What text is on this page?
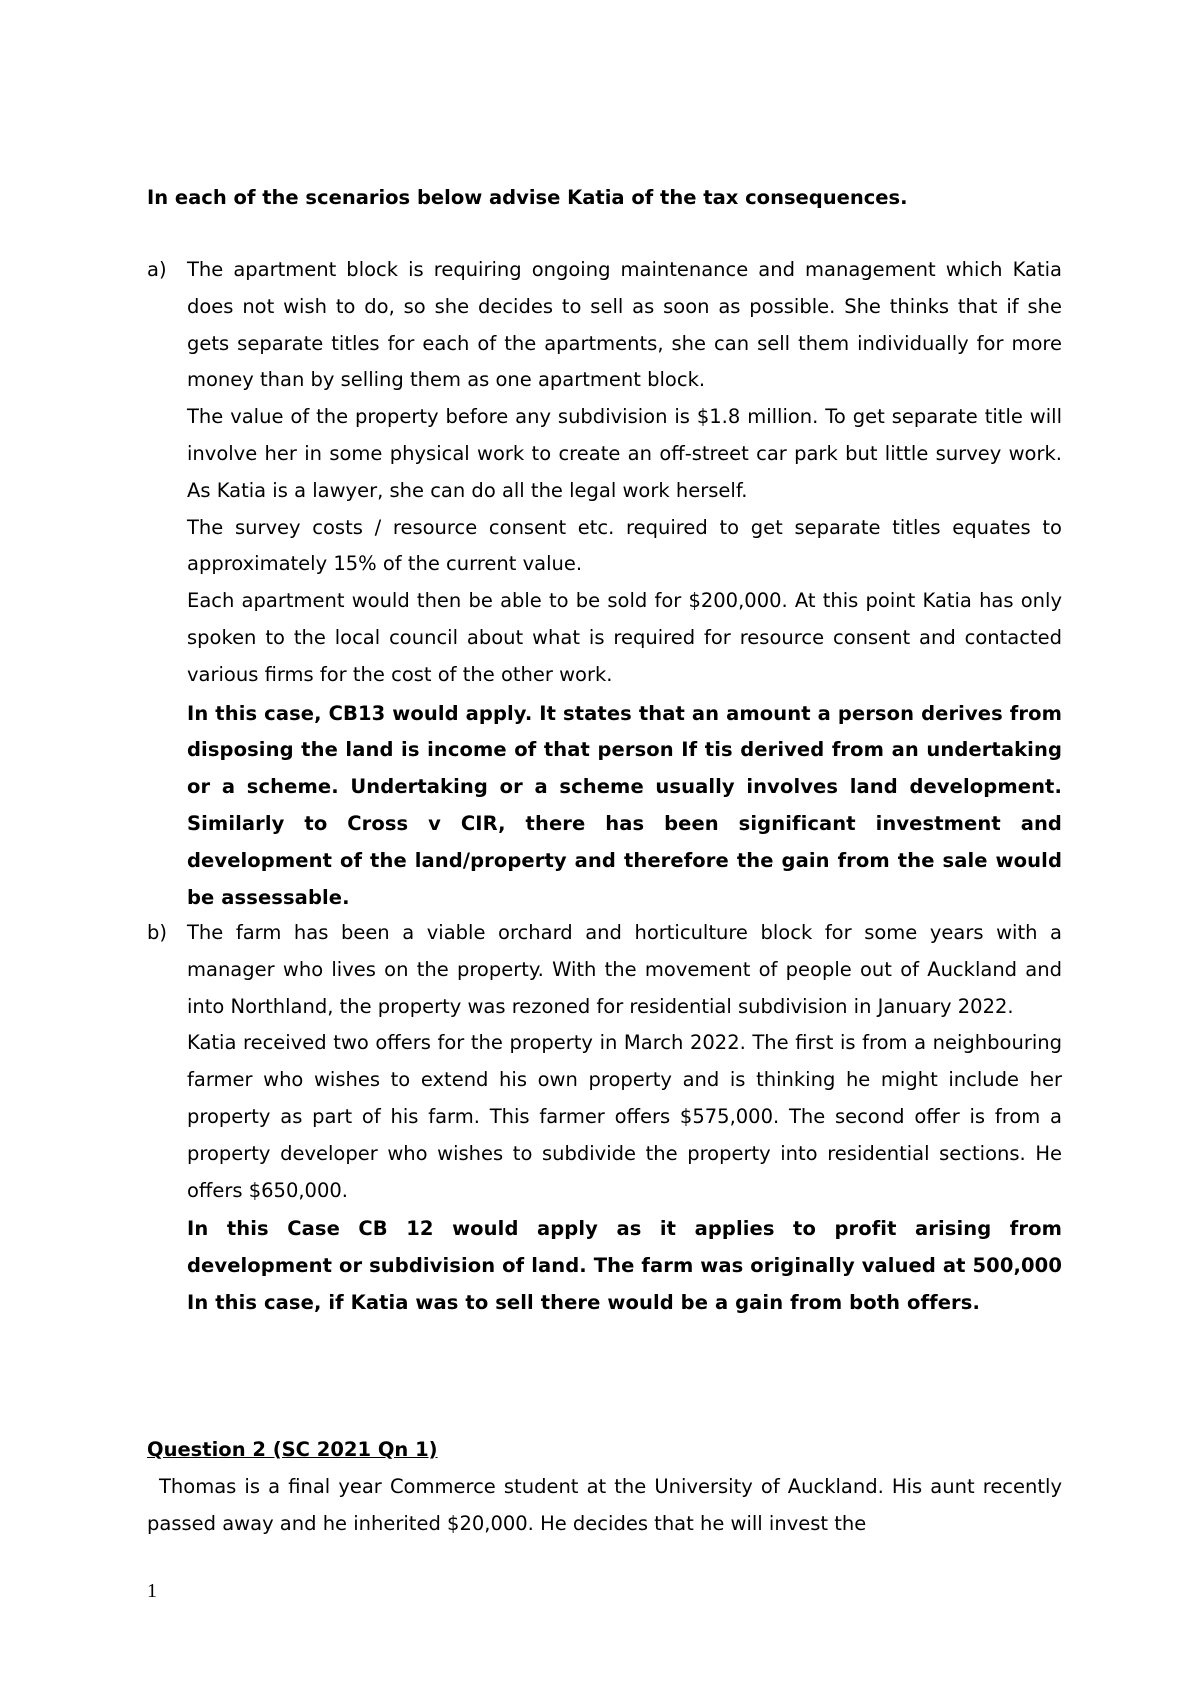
In each of the scenarios below advise Katia of the tax consequences.

a)	The apartment block is requiring ongoing maintenance and management which Katia does not wish to do, so she decides to sell as soon as possible. She thinks that if she gets separate titles for each of the apartments, she can sell them individually for more money than by selling them as one apartment block.

The value of the property before any subdivision is $1.8 million. To get separate title will involve her in some physical work to create an off-street car park but little survey work. As Katia is a lawyer, she can do all the legal work herself.

The survey costs / resource consent etc. required to get separate titles equates to approximately 15% of the current value.

Each apartment would then be able to be sold for $200,000. At this point Katia has only spoken to the local council about what is required for resource consent and contacted various firms for the cost of the other work.

In this case, CB13 would apply. It states that an amount a person derives from disposing the land is income of that person If tis derived from an undertaking or a scheme. Undertaking or a scheme usually involves land development. Similarly to Cross v CIR, there has been significant investment and development of the land/property and therefore the gain from the sale would be assessable.

b)	The farm has been a viable orchard and horticulture block for some years with a manager who lives on the property. With the movement of people out of Auckland and into Northland, the property was rezoned for residential subdivision in January 2022.

Katia received two offers for the property in March 2022. The first is from a neighbouring farmer who wishes to extend his own property and is thinking he might include her property as part of his farm. This farmer offers $575,000. The second offer is from a property developer who wishes to subdivide the property into residential sections. He offers $650,000.

In this Case CB 12 would apply as it applies to profit arising from development or subdivision of land. The farm was originally valued at 500,000 In this case, if Katia was to sell there would be a gain from both offers.

Question 2 (SC 2021 Qn 1)

Thomas is a final year Commerce student at the University of Auckland. His aunt recently passed away and he inherited $20,000. He decides that he will invest the

1
